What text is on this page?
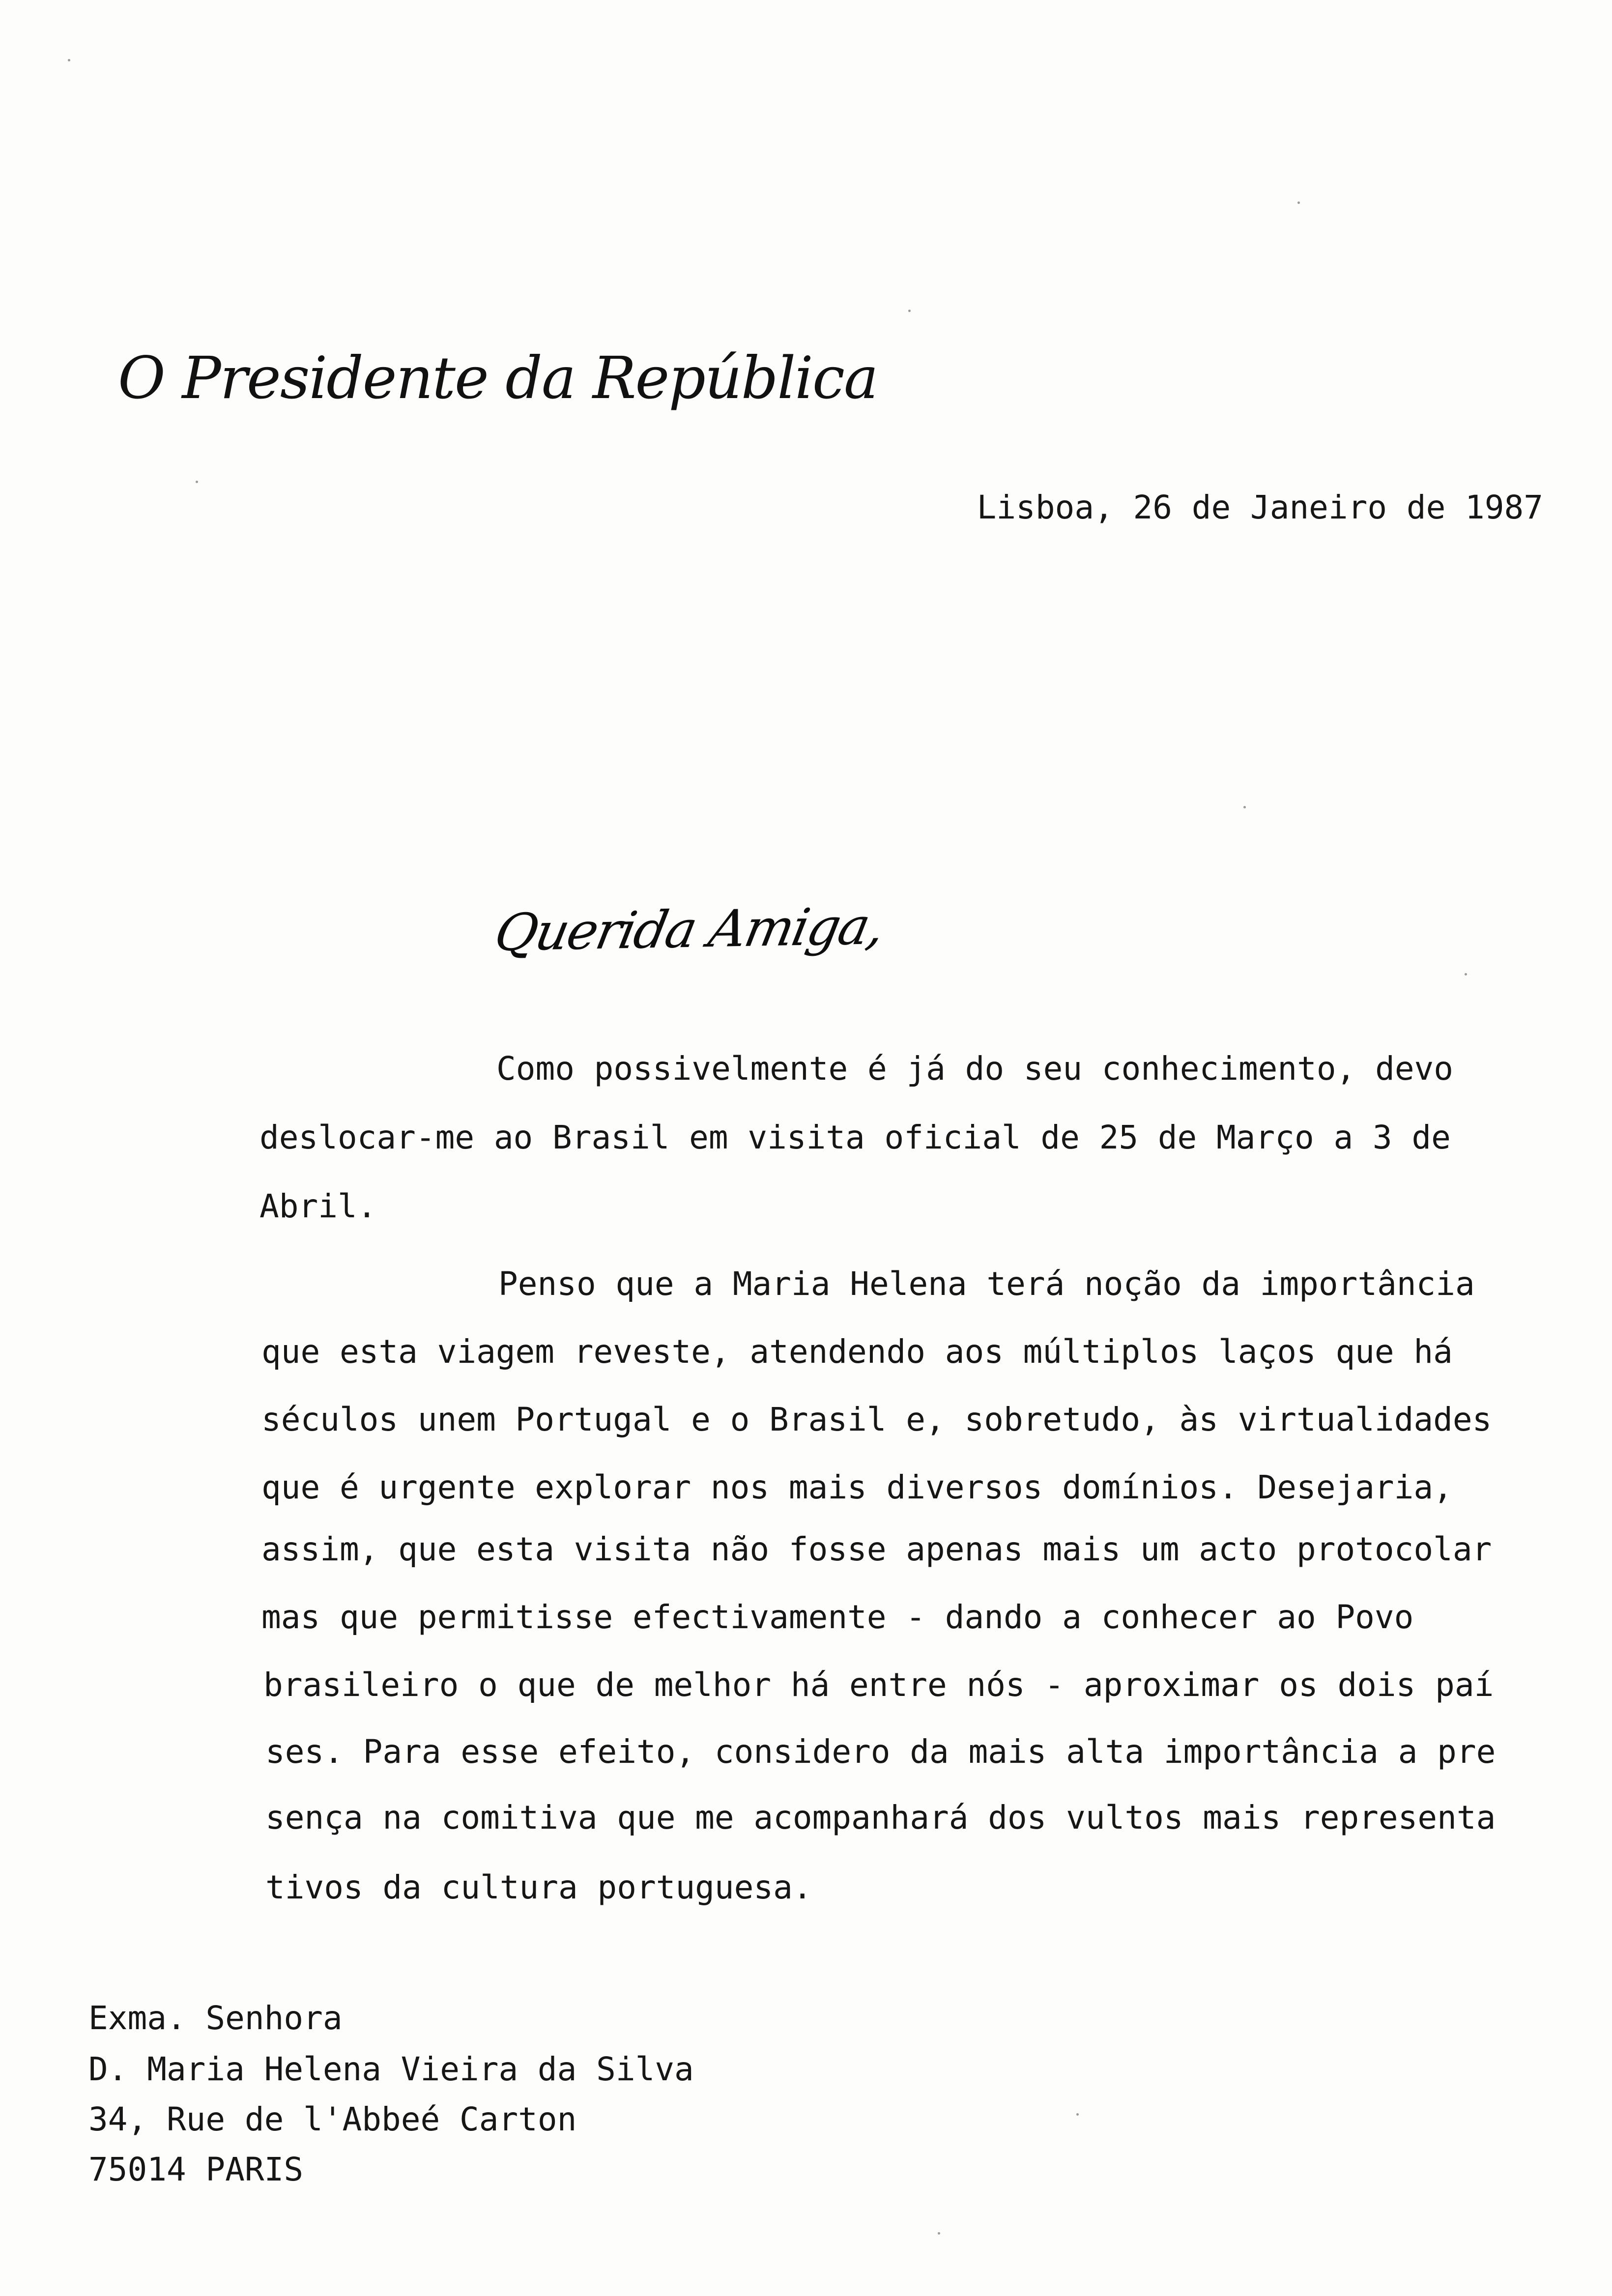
O Presidente da República
Lisboa, 26 de Janeiro de 1987
Querida Amiga,
Como possivelmente é já do seu conhecimento, devo
deslocar-me ao Brasil em visita oficial de 25 de Março a 3 de
Abril.
Penso que a Maria Helena terá noção da importância
que esta viagem reveste, atendendo aos múltiplos laços que há
séculos unem Portugal e o Brasil e, sobretudo, às virtualidades
que é urgente explorar nos mais diversos domínios. Desejaria,
assim, que esta visita não fosse apenas mais um acto protocolar
mas que permitisse efectivamente - dando a conhecer ao Povo
brasileiro o que de melhor há entre nós - aproximar os dois paí
ses. Para esse efeito, considero da mais alta importância a pre
sença na comitiva que me acompanhará dos vultos mais representa
tivos da cultura portuguesa.
Exma. Senhora
D. Maria Helena Vieira da Silva
34, Rue de l'Abbeé Carton
75014 PARIS
